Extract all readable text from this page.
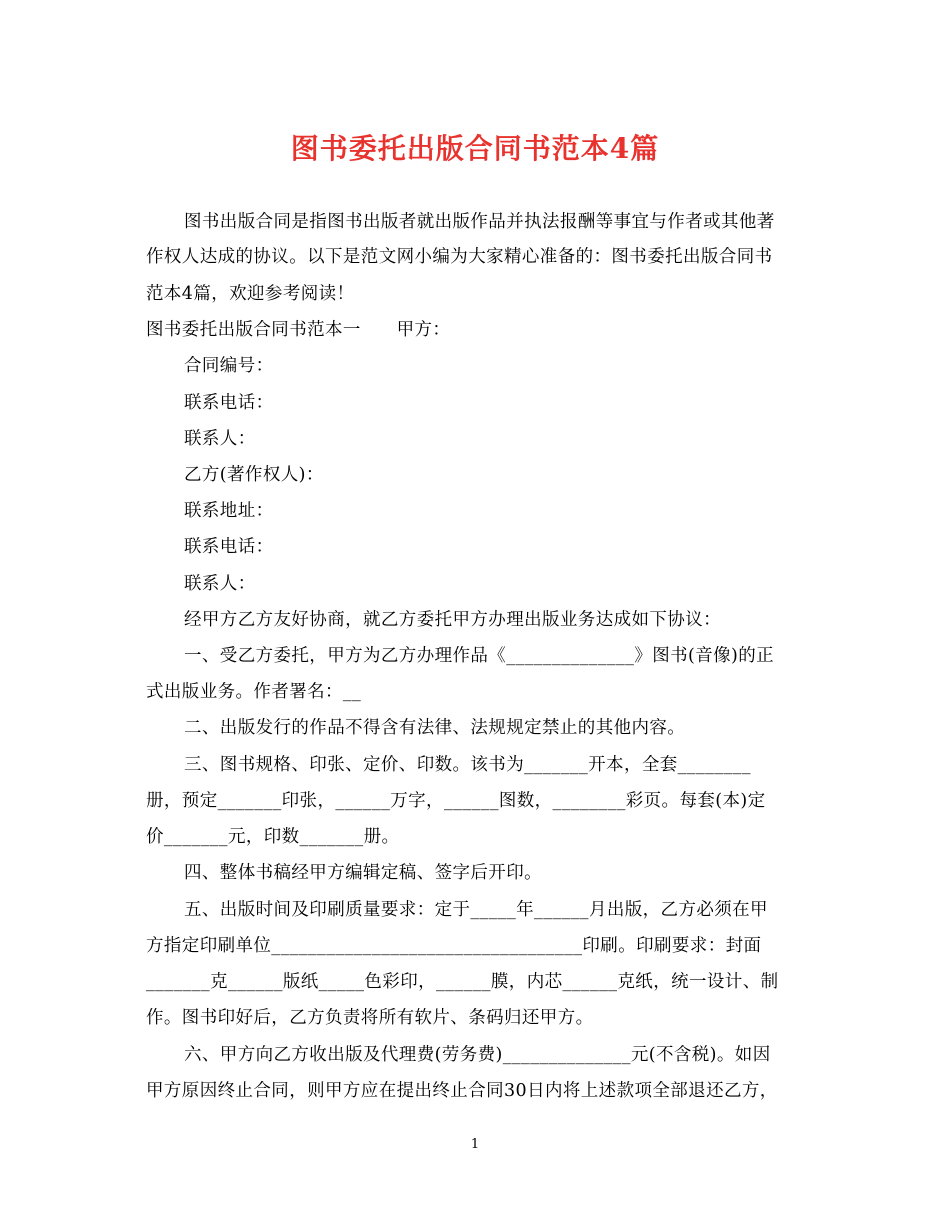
图书委托出版合同书范本4篇
图书出版合同是指图书出版者就出版作品并执法报酬等事宜与作者或其他著
作权人达成的协议。以下是范文网小编为大家精心准备的：图书委托出版合同书
范本4篇，欢迎参考阅读！
图书委托出版合同书范本一　　甲方：
合同编号：
联系电话：
联系人：
乙方(著作权人)：
联系地址：
联系电话：
联系人：
经甲方乙方友好协商，就乙方委托甲方办理出版业务达成如下协议：
一、受乙方委托，甲方为乙方办理作品《______________》图书(音像)的正
式出版业务。作者署名：__
二、出版发行的作品不得含有法律、法规规定禁止的其他内容。
三、图书规格、印张、定价、印数。该书为_______开本，全套________
册，预定_______印张，______万字，______图数，________彩页。每套(本)定
价_______元，印数_______册。
四、整体书稿经甲方编辑定稿、签字后开印。
五、出版时间及印刷质量要求：定于_____年______月出版，乙方必须在甲
方指定印刷单位__________________________________印刷。印刷要求：封面
_______克______版纸_____色彩印，______膜，内芯______克纸，统一设计、制
作。图书印好后，乙方负责将所有软片、条码归还甲方。
六、甲方向乙方收出版及代理费(劳务费)______________元(不含税)。如因
甲方原因终止合同，则甲方应在提出终止合同30日内将上述款项全部退还乙方，
1
